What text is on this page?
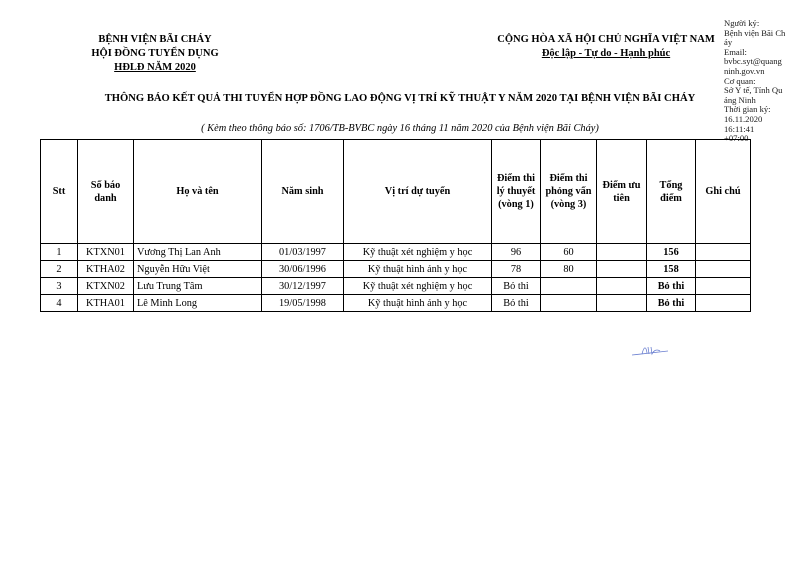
BỆNH VIỆN BÃI CHÁY
HỘI ĐỒNG TUYỂN DỤNG
HĐLĐ NĂM 2020
CỘNG HÒA XÃ HỘI CHỦ NGHĨA VIỆT NAM
Độc lập - Tự do - Hạnh phúc
Người ký:
Bệnh viện Bãi Cháy
Email:
bvbc.syt@quangninh.gov.vn
Cơ quan:
Sở Y tế, Tỉnh Quảng Ninh
Thời gian ký:
16.11.2020
16:11:41
+07:00
THÔNG BÁO KẾT QUẢ THI TUYỂN HỢP ĐỒNG LAO ĐỘNG VỊ TRÍ KỸ THUẬT Y NĂM 2020 TẠI BỆNH VIỆN BÃI CHÁY
( Kèm theo thông báo số: 1706/TB-BVBC ngày 16 tháng 11 năm 2020 của Bệnh viện Bãi Cháy)
Stt	Số báo danh	Họ và tên	Năm sinh	Vị trí dự tuyển	Điểm thi lý thuyết (vòng 1)	Điểm thi phỏng vấn (vòng 3)	Điểm ưu tiên	Tổng điểm	Ghi chú
1	KTXN01	Vương Thị Lan Anh	01/03/1997	Kỹ thuật xét nghiệm y học	96	60		156	
2	KTHA02	Nguyễn Hữu Việt	30/06/1996	Kỹ thuật hình ảnh y học	78	80		158	
3	KTXN02	Lưu Trung Tâm	30/12/1997	Kỹ thuật xét nghiệm y học	Bỏ thi			Bỏ thi	
4	KTHA01	Lê Minh Long	19/05/1998	Kỹ thuật hình ảnh y học	Bỏ thi			Bỏ thi	
